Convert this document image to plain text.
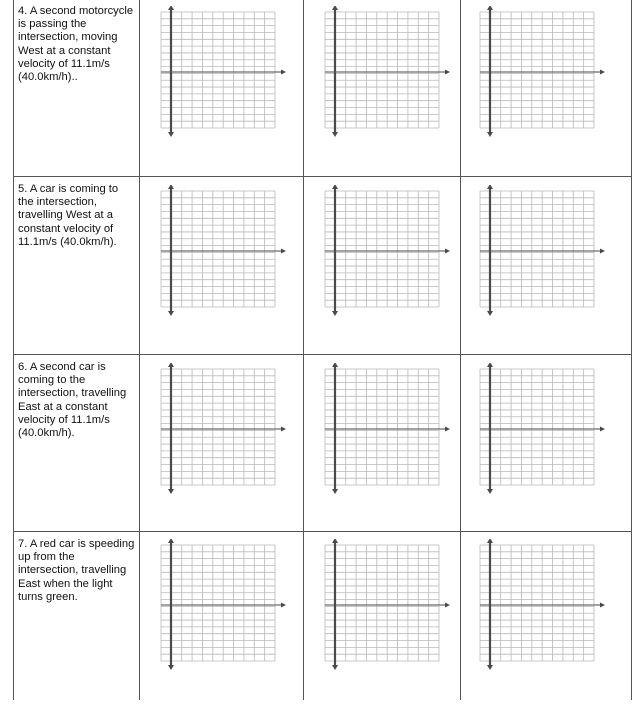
4. A second motorcycle is passing the intersection, moving West at a constant velocity of 11.1m/s (40.0km/h)..
5. A car is coming to the intersection, travelling West at a constant velocity of 11.1m/s (40.0km/h).
6. A second car is coming to the intersection, travelling East at a constant velocity of 11.1m/s (40.0km/h).
7. A red car is speeding up from the intersection, travelling East when the light turns green.
